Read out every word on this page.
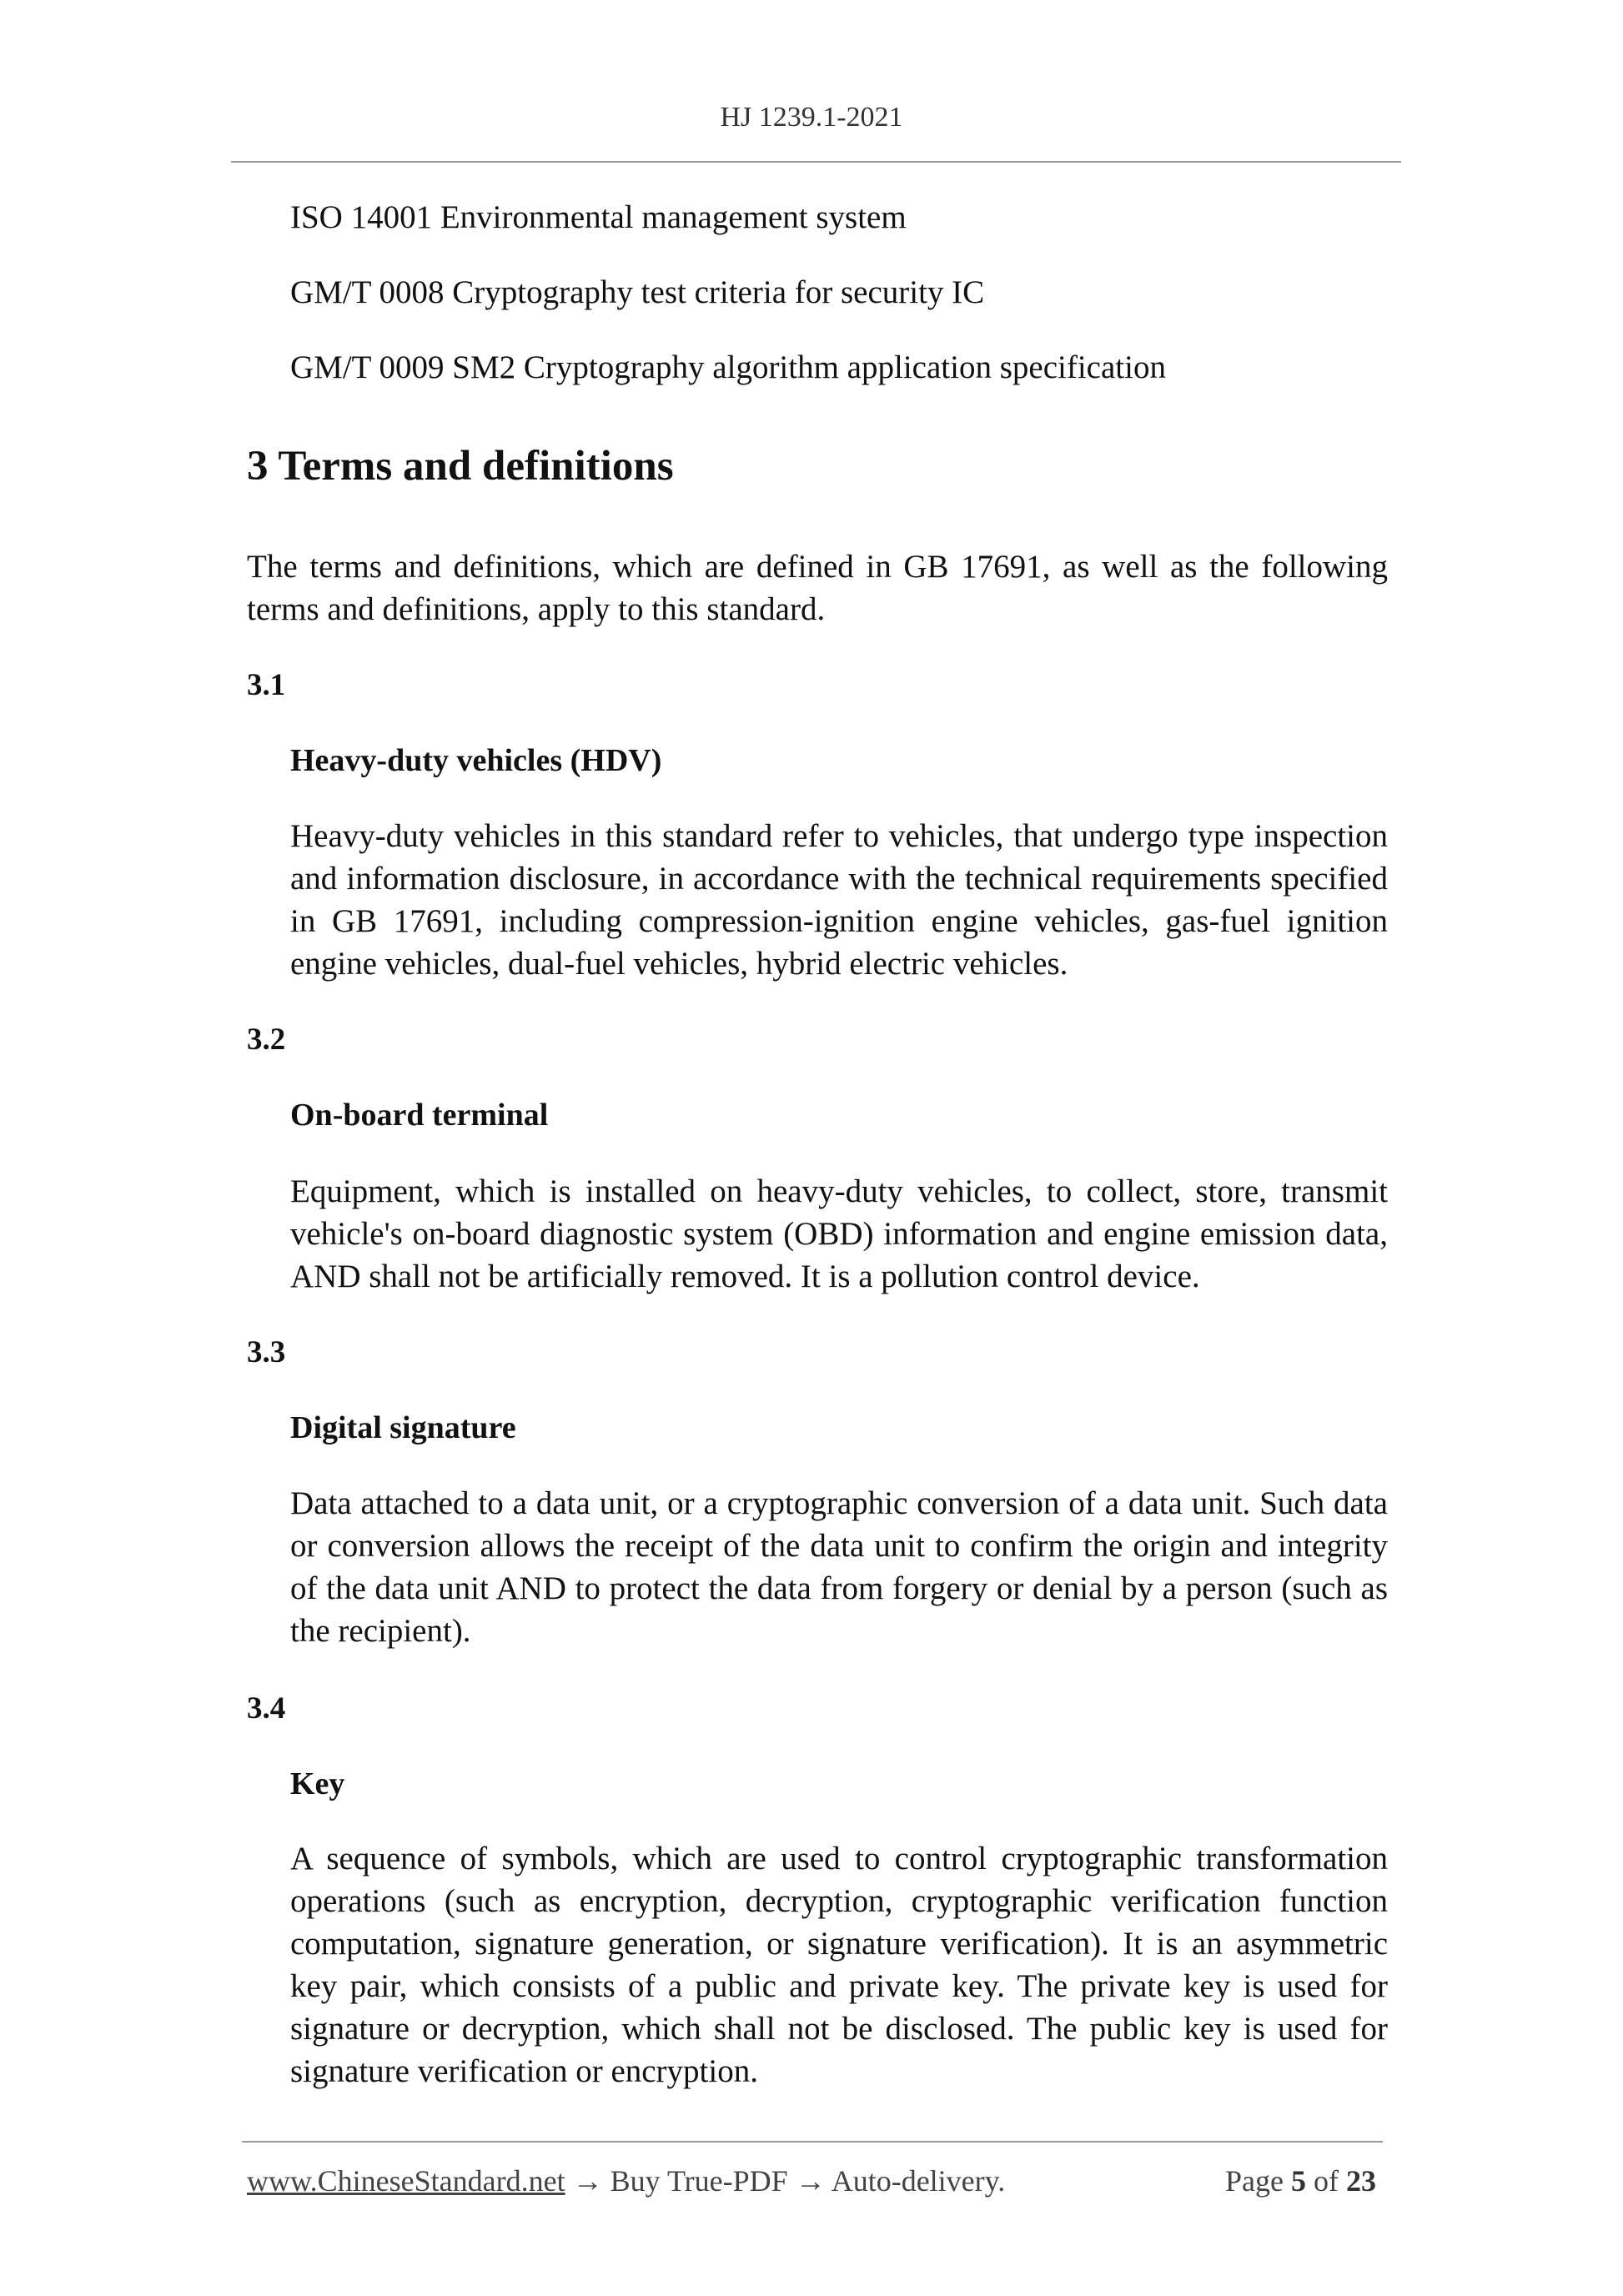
HJ 1239.1-2021
ISO 14001 Environmental management system
GM/T 0008 Cryptography test criteria for security IC
GM/T 0009 SM2 Cryptography algorithm application specification
3 Terms and definitions
The terms and definitions, which are defined in GB 17691, as well as the following terms and definitions, apply to this standard.
3.1
Heavy-duty vehicles (HDV)
Heavy-duty vehicles in this standard refer to vehicles, that undergo type inspection and information disclosure, in accordance with the technical requirements specified in GB 17691, including compression-ignition engine vehicles, gas-fuel ignition engine vehicles, dual-fuel vehicles, hybrid electric vehicles.
3.2
On-board terminal
Equipment, which is installed on heavy-duty vehicles, to collect, store, transmit vehicle's on-board diagnostic system (OBD) information and engine emission data, AND shall not be artificially removed. It is a pollution control device.
3.3
Digital signature
Data attached to a data unit, or a cryptographic conversion of a data unit. Such data or conversion allows the receipt of the data unit to confirm the origin and integrity of the data unit AND to protect the data from forgery or denial by a person (such as the recipient).
3.4
Key
A sequence of symbols, which are used to control cryptographic transformation operations (such as encryption, decryption, cryptographic verification function computation, signature generation, or signature verification). It is an asymmetric key pair, which consists of a public and private key. The private key is used for signature or decryption, which shall not be disclosed. The public key is used for signature verification or encryption.
www.ChineseStandard.net → Buy True-PDF → Auto-delivery.	Page 5 of 23
